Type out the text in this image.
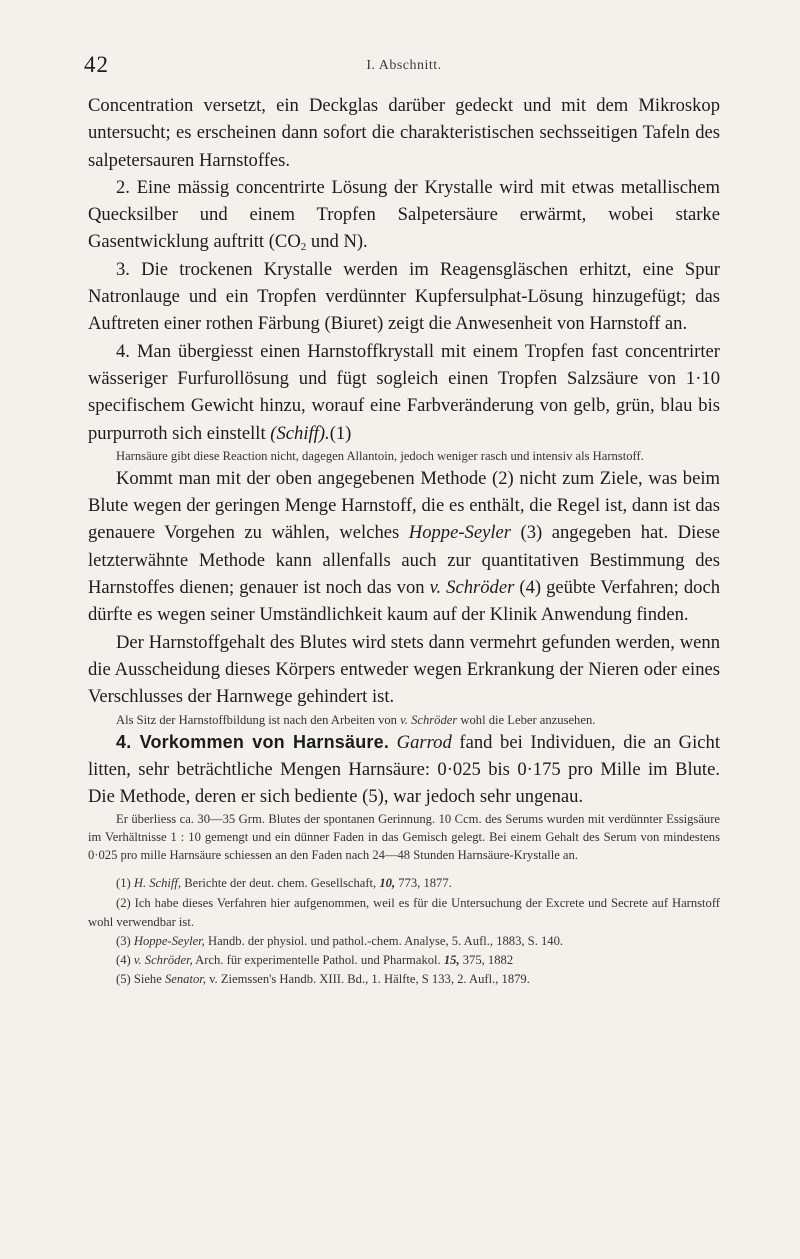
42	I. Abschnitt.

Concentration versetzt, ein Deckglas darüber gedeckt und mit dem Mikroskop untersucht; es erscheinen dann sofort die charakteristischen sechsseitigen Tafeln des salpetersauren Harnstoffes.

2. Eine mässig concentrirte Lösung der Krystalle wird mit etwas metallischem Quecksilber und einem Tropfen Salpetersäure erwärmt, wobei starke Gasentwicklung auftritt ($CO_2$ und N).

3. Die trockenen Krystalle werden im Reagensgläschen erhitzt, eine Spur Natronlauge und ein Tropfen verdünnter Kupfersulphat-Lösung hinzugefügt; das Auftreten einer rothen Färbung (Biuret) zeigt die Anwesenheit von Harnstoff an.

4. Man übergiesst einen Harnstoffkrystall mit einem Tropfen fast concentrirter wässeriger Furfurollösung und fügt sogleich einen Tropfen Salzsäure von 1·10 specifischem Gewicht hinzu, worauf eine Farbveränderung von gelb, grün, blau bis purpurroth sich einstellt (Schiff).(1)

Harnsäure gibt diese Reaction nicht, dagegen Allantoin, jedoch weniger rasch und intensiv als Harnstoff.

Kommt man mit der oben angegebenen Methode (2) nicht zum Ziele, was beim Blute wegen der geringen Menge Harnstoff, die es enthält, die Regel ist, dann ist das genauere Vorgehen zu wählen, welches Hoppe-Seyler (3) angegeben hat. Diese letzterwähnte Methode kann allenfalls auch zur quantitativen Bestimmung des Harnstoffes dienen; genauer ist noch das von v. Schröder (4) geübte Verfahren; doch dürfte es wegen seiner Umständlichkeit kaum auf der Klinik Anwendung finden.

Der Harnstoffgehalt des Blutes wird stets dann vermehrt gefunden werden, wenn die Ausscheidung dieses Körpers entweder wegen Erkrankung der Nieren oder eines Verschlusses der Harnwege gehindert ist.

Als Sitz der Harnstoffbildung ist nach den Arbeiten von v. Schröder wohl die Leber anzusehen.

4. Vorkommen von Harnsäure. Garrod fand bei Individuen, die an Gicht litten, sehr beträchtliche Mengen Harnsäure: 0·025 bis 0·175 pro Mille im Blute. Die Methode, deren er sich bediente (5), war jedoch sehr ungenau.

Er überliess ca. 30—35 Grm. Blutes der spontanen Gerinnung. 10 Ccm. des Serums wurden mit verdünnter Essigsäure im Verhältnisse 1 : 10 gemengt und ein dünner Faden in das Gemisch gelegt. Bei einem Gehalt des Serum von mindestens 0·025 pro mille Harnsäure schiessen an den Faden nach 24—48 Stunden Harnsäure-Krystalle an.

(1) H. Schiff, Berichte der deut. chem. Gesellschaft, 10, 773, 1877.

(2) Ich habe dieses Verfahren hier aufgenommen, weil es für die Untersuchung der Excrete und Secrete auf Harnstoff wohl verwendbar ist.

(3) Hoppe-Seyler, Handb. der physiol. und pathol.-chem. Analyse, 5. Aufl., 1883, S. 140.

(4) v. Schröder, Arch. für experimentelle Pathol. und Pharmakol. 15, 375, 1882

(5) Siehe Senator, v. Ziemssen's Handb. XIII. Bd., 1. Hälfte, S 133, 2. Aufl., 1879.
